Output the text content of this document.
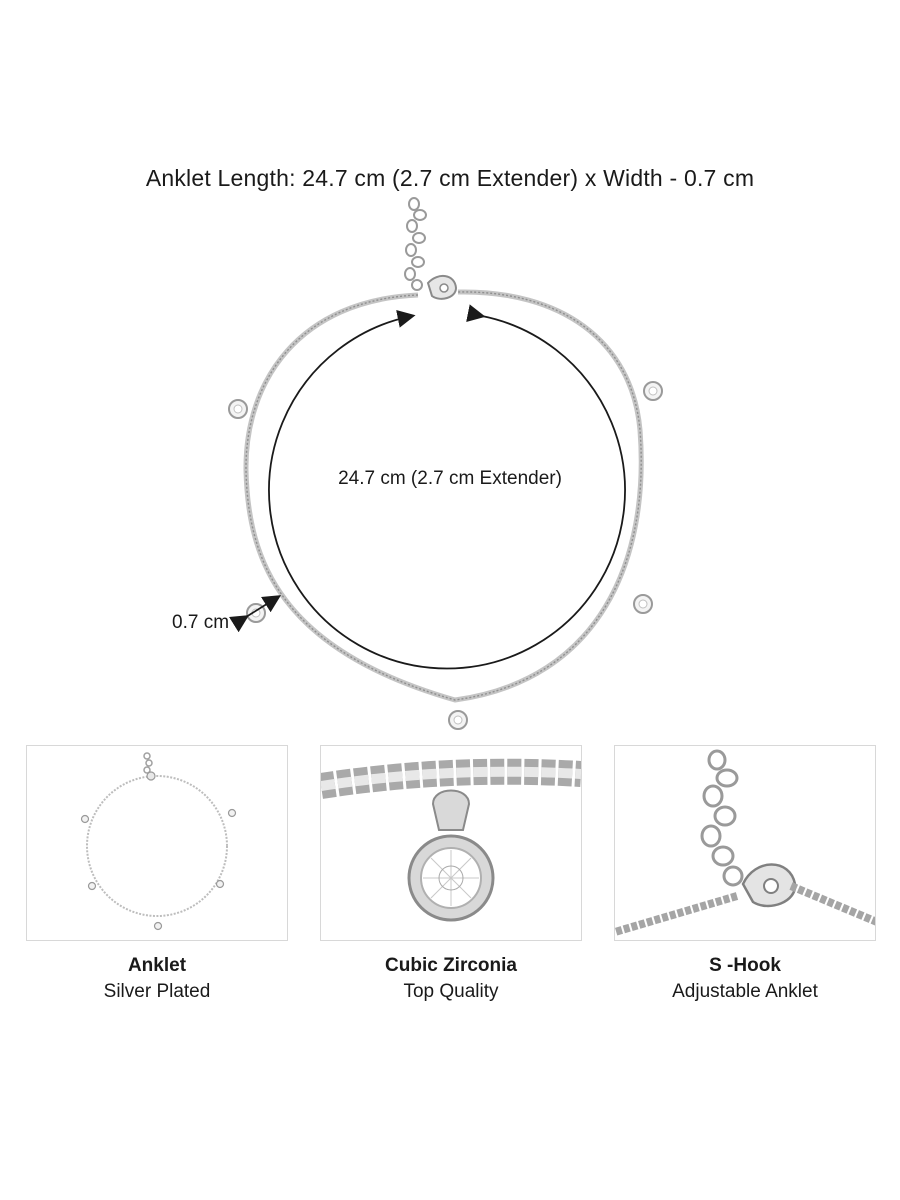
Anklet Length: 24.7 cm (2.7 cm Extender) x Width - 0.7 cm
24.7 cm (2.7 cm Extender)
0.7 cm
Anklet
Silver Plated
Cubic Zirconia
Top Quality
S -Hook
Adjustable Anklet
